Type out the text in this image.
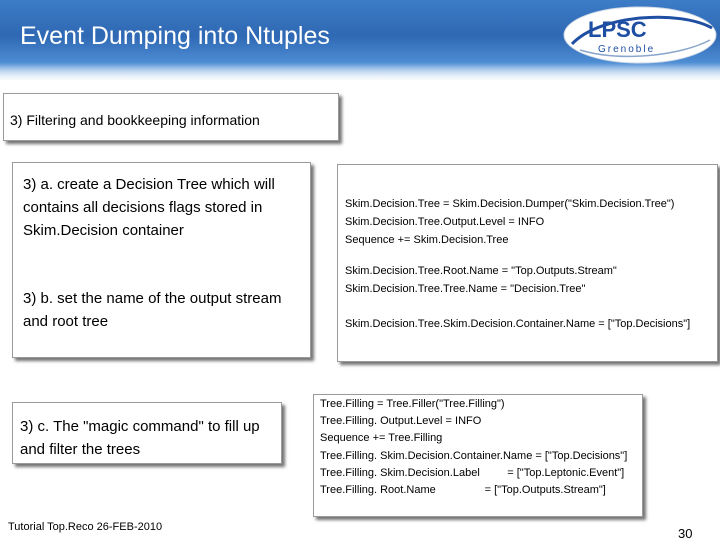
Event Dumping into Ntuples	LPSC
Grenoble
3) Filtering and bookkeeping information
3) a. create a Decision Tree which will contains all decisions flags stored in Skim.Decision container
3) b. set the name of the output stream and root tree
3) c. The "magic command" to fill up and filter the trees
Skim.Decision.Tree = Skim.Decision.Dumper("Skim.Decision.Tree")
Skim.Decision.Tree.Output.Level = INFO
Sequence += Skim.Decision.Tree
Skim.Decision.Tree.Root.Name = "Top.Outputs.Stream"
Skim.Decision.Tree.Tree.Name = "Decision.Tree"
Skim.Decision.Tree.Skim.Decision.Container.Name = ["Top.Decisions"]
Tree.Filling = Tree.Filler("Tree.Filling")
Tree.Filling. Output.Level = INFO
Sequence += Tree.Filling
Tree.Filling. Skim.Decision.Container.Name = ["Top.Decisions"]
Tree.Filling. Skim.Decision.Label         = ["Top.Leptonic.Event"]
Tree.Filling. Root.Name                = ["Top.Outputs.Stream"]
Tutorial Top.Reco 26-FEB-2010	30
